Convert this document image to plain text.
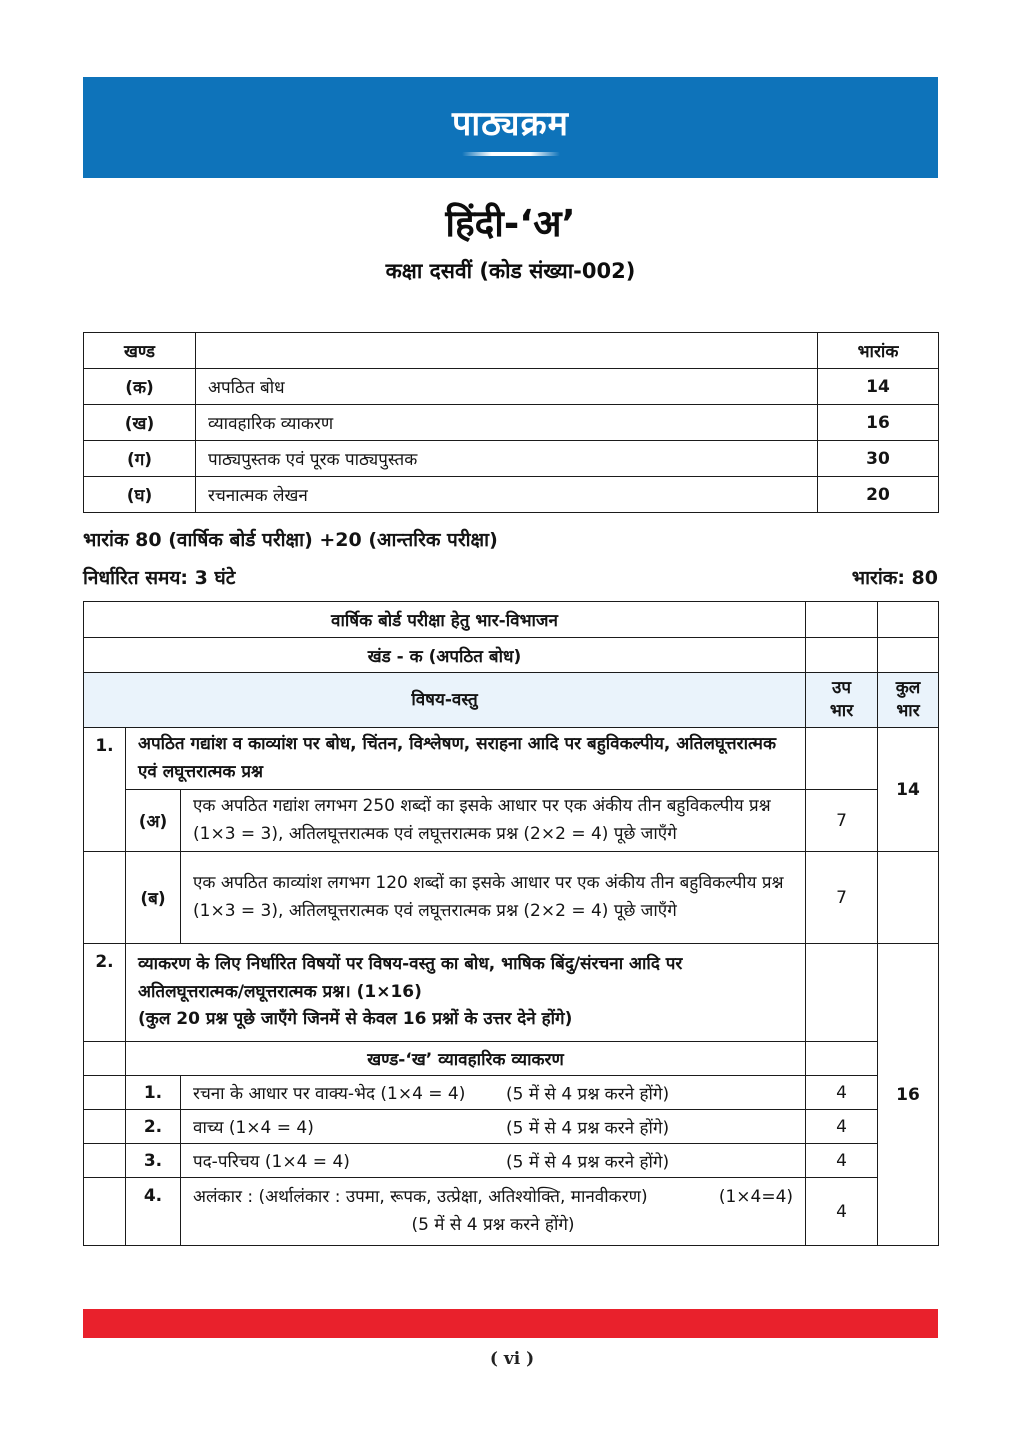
पाठ्यक्रम
हिंदी-‘अ’
कक्षा दसवीं (कोड संख्या-002)
खण्ड		भारांक
(क)	अपठित बोध	14
(ख)	व्यावहारिक व्याकरण	16
(ग)	पाठ्यपुस्तक एवं पूरक पाठ्यपुस्तक	30
(घ)	रचनात्मक लेखन	20
भारांक 80 (वार्षिक बोर्ड परीक्षा) +20 (आन्तरिक परीक्षा)
निर्धारित समय: 3 घंटे	भारांक: 80
वार्षिक बोर्ड परीक्षा हेतु भार-विभाजन				
खंड - क (अपठित बोध)				
विषय-वस्तु			उप भार	कुल भार
1.	अपठित गद्यांश व काव्यांश पर बोध, चिंतन, विश्लेषण, सराहना आदि पर बहुविकल्पीय, अतिलघूत्तरात्मक एवं लघूत्तरात्मक प्रश्न			14
	(अ)	एक अपठित गद्यांश लगभग 250 शब्दों का इसके आधार पर एक अंकीय तीन बहुविकल्पीय प्रश्न (1×3 = 3), अतिलघूत्तरात्मक एवं लघूत्तरात्मक प्रश्न (2×2 = 4) पूछे जाएँगे	7	
	(ब)	एक अपठित काव्यांश लगभग 120 शब्दों का इसके आधार पर एक अंकीय तीन बहुविकल्पीय प्रश्न (1×3 = 3), अतिलघूत्तरात्मक एवं लघूत्तरात्मक प्रश्न (2×2 = 4) पूछे जाएँगे	7	
2.	व्याकरण के लिए निर्धारित विषयों पर विषय-वस्तु का बोध, भाषिक बिंदु/संरचना आदि पर अतिलघूत्तरात्मक/लघूत्तरात्मक प्रश्न। (1×16)
(कुल 20 प्रश्न पूछे जाएँगे जिनमें से केवल 16 प्रश्नों के उत्तर देने होंगे)			16
	खण्ड-‘ख’ व्यावहारिक व्याकरण			
	1.	रचना के आधार पर वाक्य-भेद (1×4 = 4) (5 में से 4 प्रश्न करने होंगे)	4	
	2.	वाच्य (1×4 = 4) (5 में से 4 प्रश्न करने होंगे)	4	
	3.	पद-परिचय (1×4 = 4) (5 में से 4 प्रश्न करने होंगे)	4	
	4.	अलंकार : (अर्थालंकार : उपमा, रूपक, उत्प्रेक्षा, अतिश्योक्ति, मानवीकरण) (1×4=4)
(5 में से 4 प्रश्न करने होंगे)	4	
( vi )
